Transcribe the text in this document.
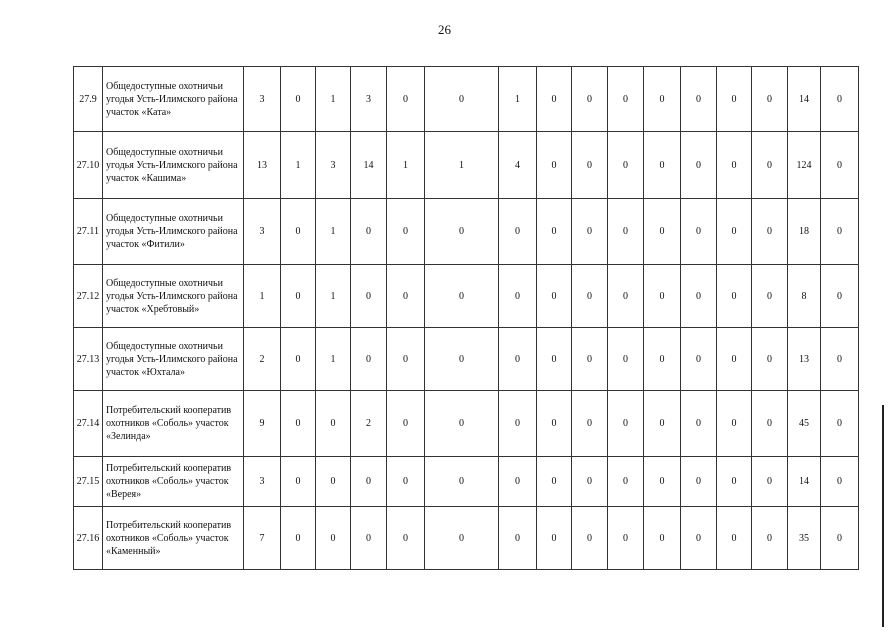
26
27.9	Общедоступные охотничьи угодья Усть-Илимского района участок «Ката»	3	0	1	3	0	0	1	0	0	0	0	0	0	0	14	0
27.10	Общедоступные охотничьи угодья Усть-Илимского района участок «Кашима»	13	1	3	14	1	1	4	0	0	0	0	0	0	0	124	0
27.11	Общедоступные охотничьи угодья Усть-Илимского района участок «Фитили»	3	0	1	0	0	0	0	0	0	0	0	0	0	0	18	0
27.12	Общедоступные охотничьи угодья Усть-Илимского района участок «Хребтовый»	1	0	1	0	0	0	0	0	0	0	0	0	0	0	8	0
27.13	Общедоступные охотничьи угодья Усть-Илимского района участок «Юхтала»	2	0	1	0	0	0	0	0	0	0	0	0	0	0	13	0
27.14	Потребительский кооператив охотников «Соболь» участок «Зелинда»	9	0	0	2	0	0	0	0	0	0	0	0	0	0	45	0
27.15	Потребительский кооператив охотников «Соболь» участок «Верея»	3	0	0	0	0	0	0	0	0	0	0	0	0	0	14	0
27.16	Потребительский кооператив охотников «Соболь» участок «Каменный»	7	0	0	0	0	0	0	0	0	0	0	0	0	0	35	0
